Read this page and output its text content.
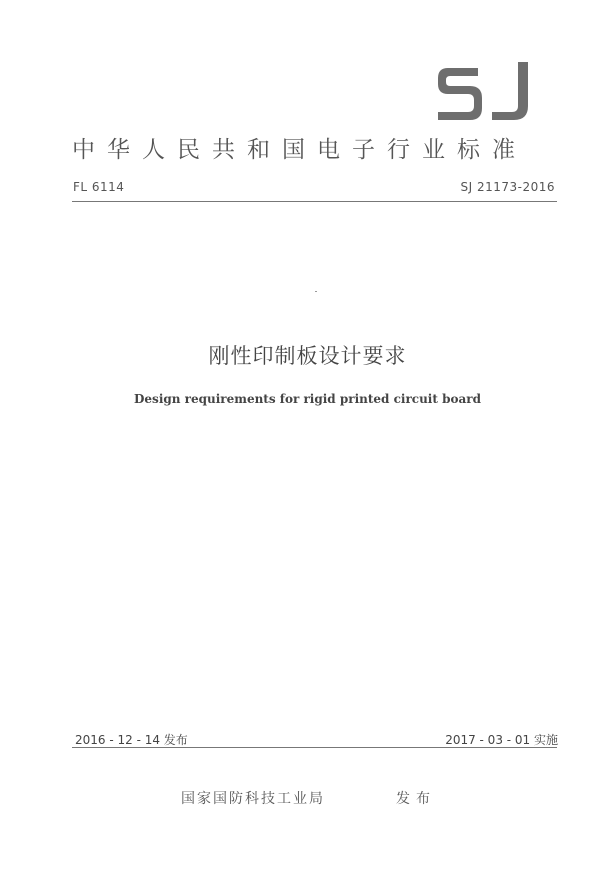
中华人民共和国电子行业标准
FL 6114	SJ 21173-2016
刚性印制板设计要求
Design requirements for rigid printed circuit board
2016 - 12 - 14 发布	2017 - 03 - 01 实施
国家国防科技工业局	发布
